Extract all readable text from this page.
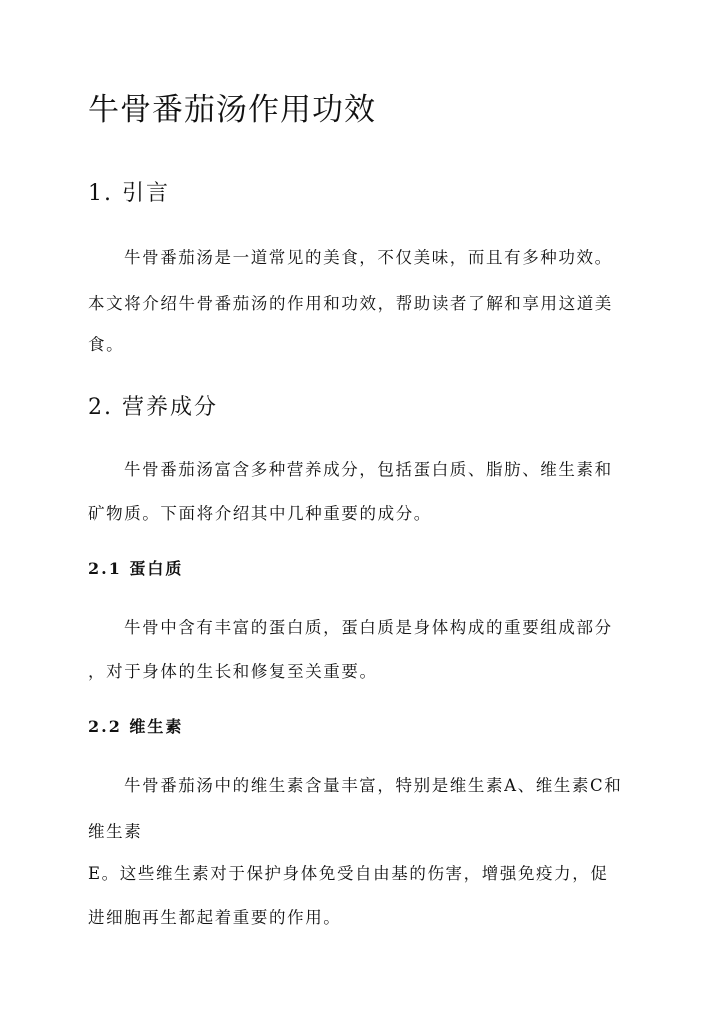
牛骨番茄汤作用功效
1. 引言
牛骨番茄汤是一道常见的美食，不仅美味，而且有多种功效。
本文将介绍牛骨番茄汤的作用和功效，帮助读者了解和享用这道美
食。
2. 营养成分
牛骨番茄汤富含多种营养成分，包括蛋白质、脂肪、维生素和
矿物质。下面将介绍其中几种重要的成分。
2.1 蛋白质
牛骨中含有丰富的蛋白质，蛋白质是身体构成的重要组成部分
，对于身体的生长和修复至关重要。
2.2 维生素
牛骨番茄汤中的维生素含量丰富，特别是维生素A、维生素C和
维生素
E。这些维生素对于保护身体免受自由基的伤害，增强免疫力，促
进细胞再生都起着重要的作用。
